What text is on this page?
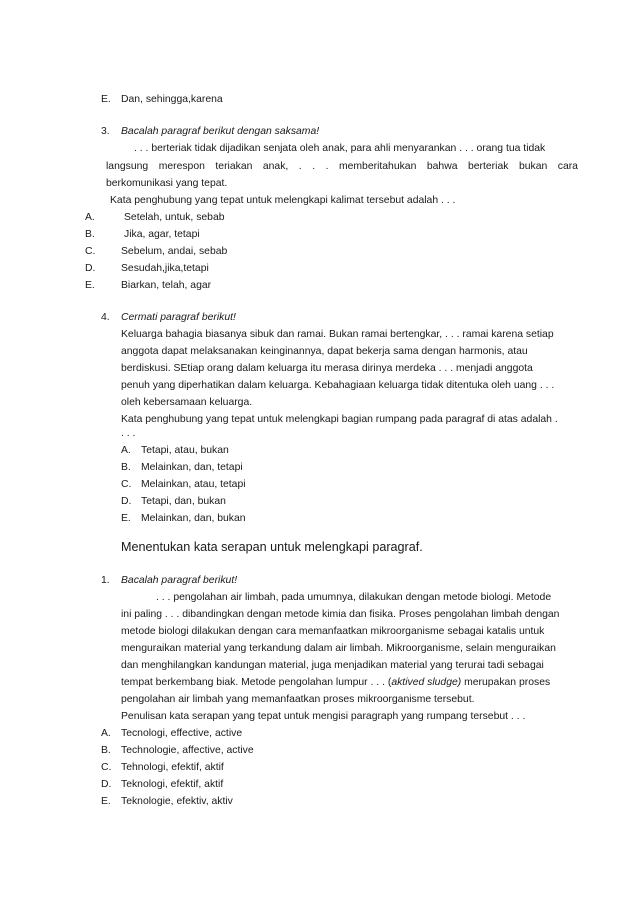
E. Dan, sehingga,karena
3. Bacalah paragraf berikut dengan saksama!
. . . berteriak tidak dijadikan senjata oleh anak, para ahli menyarankan . . . orang tua tidak
langsung merespon teriakan anak, . . . memberitahukan bahwa berteriak bukan cara
berkomunikasi yang tepat.
Kata penghubung yang tepat untuk melengkapi kalimat tersebut adalah . . .
A.	Setelah, untuk, sebab
B.	Jika, agar, tetapi
C. Sebelum, andai, sebab
D. Sesudah,jika,tetapi
E.	Biarkan, telah, agar
4. Cermati paragraf berikut!
Keluarga bahagia biasanya sibuk dan ramai. Bukan ramai bertengkar, . . . ramai karena setiap
anggota dapat melaksanakan keinginannya, dapat bekerja sama dengan harmonis, atau
berdiskusi. SEtiap orang dalam keluarga itu merasa dirinya merdeka . . . menjadi anggota
penuh yang diperhatikan dalam keluarga. Kebahagiaan keluarga tidak ditentuka oleh uang . . .
oleh kebersamaan keluarga.
Kata penghubung yang tepat untuk melengkapi bagian rumpang pada paragraf di atas adalah .
. . .
A. Tetapi, atau, bukan
B. Melainkan, dan, tetapi
C. Melainkan, atau, tetapi
D. Tetapi, dan, bukan
E. Melainkan, dan, bukan
Menentukan kata serapan untuk melengkapi paragraf.
1. Bacalah paragraf berikut!
. . . pengolahan air limbah, pada umumnya, dilakukan dengan metode biologi. Metode
ini paling . . . dibandingkan dengan metode kimia dan fisika. Proses pengolahan limbah dengan
metode biologi dilakukan dengan cara memanfaatkan mikroorganisme sebagai katalis untuk
menguraikan material yang terkandung dalam air limbah. Mikroorganisme, selain menguraikan
dan menghilangkan kandungan material, juga menjadikan material yang terurai tadi sebagai
tempat berkembang biak. Metode pengolahan lumpur . . . (aktived sludge) merupakan proses
pengolahan air limbah yang memanfaatkan proses mikroorganisme tersebut.
Penulisan kata serapan yang tepat untuk mengisi paragraph yang rumpang tersebut . . .
A. Tecnologi, effective, active
B. Technologie, affective, active
C. Tehnologi, efektif, aktif
D. Teknologi, efektif, aktif
E. Teknologie, efektiv, aktiv
